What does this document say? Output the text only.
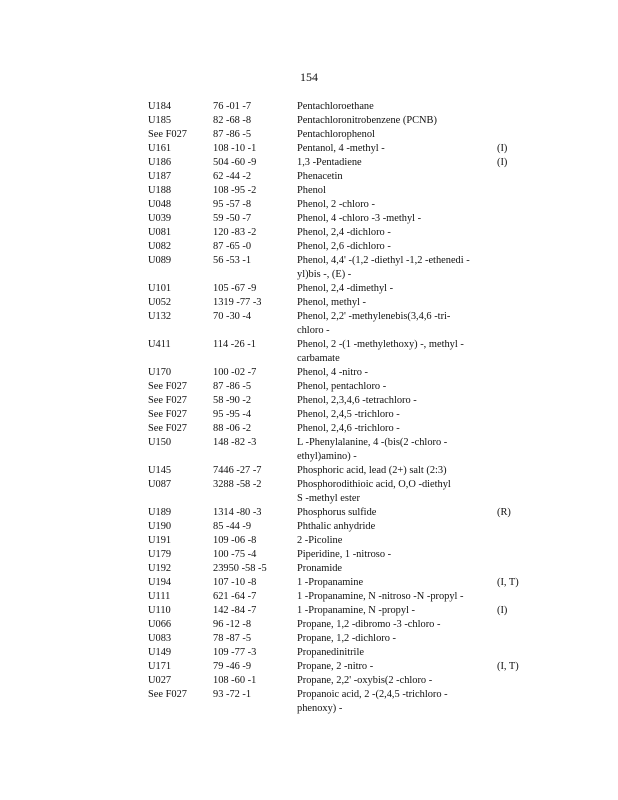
154
U184	76 -01 -7	Pentachloroethane
U185	82 -68 -8	Pentachloronitrobenzene (PCNB)
See F027	87 -86 -5	Pentachlorophenol
U161	108 -10 -1	Pentanol, 4 -methyl -	(I)
U186	504 -60 -9	1,3 -Pentadiene	(I)
U187	62 -44 -2	Phenacetin
U188	108 -95 -2	Phenol
U048	95 -57 -8	Phenol, 2 -chloro -
U039	59 -50 -7	Phenol, 4 -chloro -3 -methyl -
U081	120 -83 -2	Phenol, 2,4 -dichloro -
U082	87 -65 -0	Phenol, 2,6 -dichloro -
U089	56 -53 -1	Phenol, 4,4' -(1,2 -diethyl -1,2 -ethenedi -
yl)bis -, (E) -
U101	105 -67 -9	Phenol, 2,4 -dimethyl -
U052	1319 -77 -3	Phenol, methyl -
U132	70 -30 -4	Phenol, 2,2' -methylenebis(3,4,6 -tri-
chloro -
U411	114 -26 -1	Phenol, 2 -(1 -methylethoxy) -, methyl -
carbamate
U170	100 -02 -7	Phenol, 4 -nitro -
See F027	87 -86 -5	Phenol, pentachloro -
See F027	58 -90 -2	Phenol, 2,3,4,6 -tetrachloro -
See F027	95 -95 -4	Phenol, 2,4,5 -trichloro -
See F027	88 -06 -2	Phenol, 2,4,6 -trichloro -
U150	148 -82 -3	L -Phenylalanine, 4 -(bis(2 -chloro -
ethyl)amino) -
U145	7446 -27 -7	Phosphoric acid, lead (2+) salt (2:3)
U087	3288 -58 -2	Phosphorodithioic acid, O,O -diethyl
S -methyl ester
U189	1314 -80 -3	Phosphorus sulfide	(R)
U190	85 -44 -9	Phthalic anhydride
U191	109 -06 -8	2 -Picoline
U179	100 -75 -4	Piperidine, 1 -nitroso -
U192	23950 -58 -5	Pronamide
U194	107 -10 -8	1 -Propanamine	(I, T)
U111	621 -64 -7	1 -Propanamine, N -nitroso -N -propyl -
U110	142 -84 -7	1 -Propanamine, N -propyl -	(I)
U066	96 -12 -8	Propane, 1,2 -dibromo -3 -chloro -
U083	78 -87 -5	Propane, 1,2 -dichloro -
U149	109 -77 -3	Propanedinitrile
U171	79 -46 -9	Propane, 2 -nitro -	(I, T)
U027	108 -60 -1	Propane, 2,2' -oxybis(2 -chloro -
See F027	93 -72 -1	Propanoic acid, 2 -(2,4,5 -trichloro -
phenoxy) -
